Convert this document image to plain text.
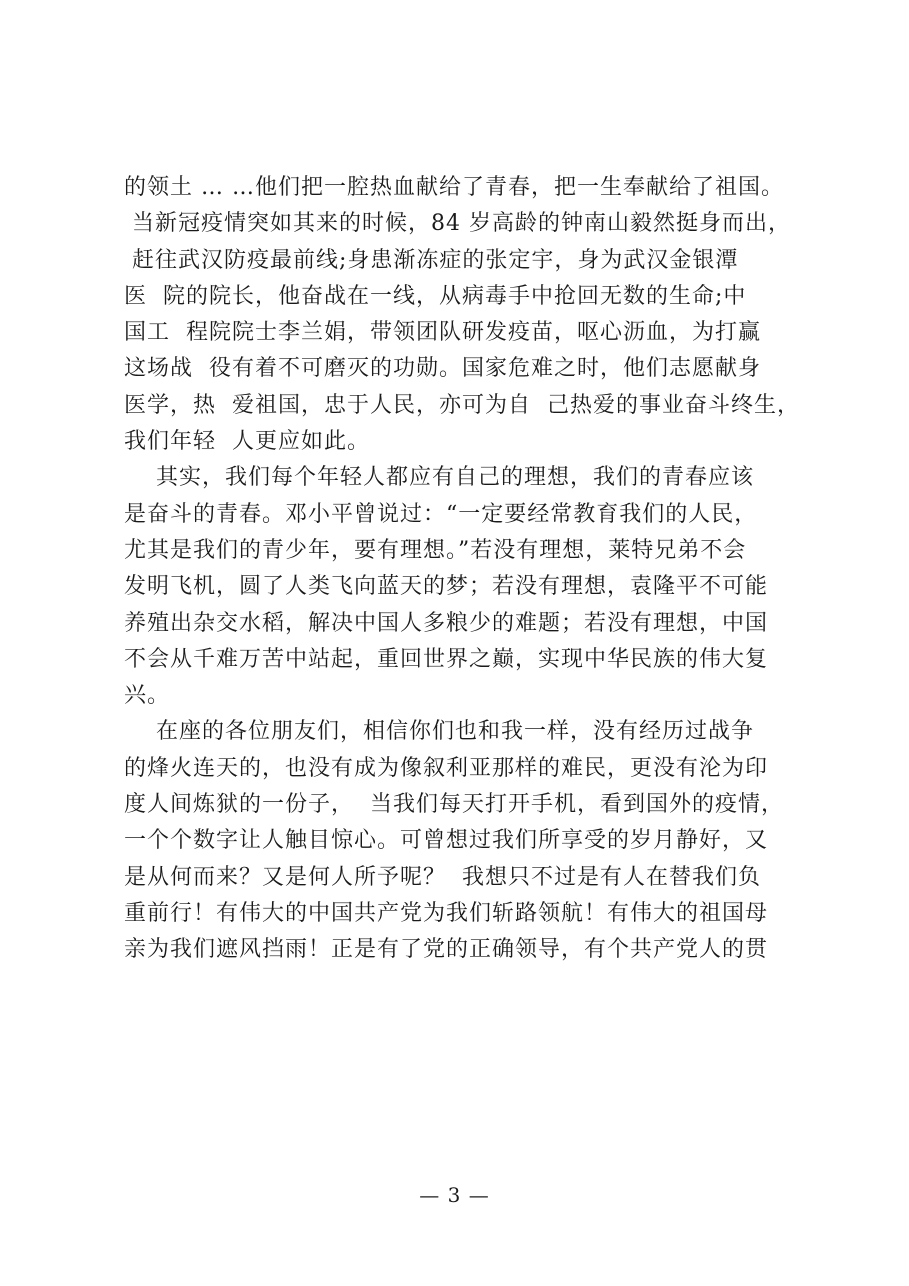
的领土 … …他们把一腔热血献给了青春，把一生奉献给了祖国。
当新冠疫情突如其来的时候，84 岁高龄的钟南山毅然挺身而出，
赶往武汉防疫最前线;身患渐冻症的张定宇，身为武汉金银潭
医  院的院长，他奋战在一线，从病毒手中抢回无数的生命;中
国工  程院院士李兰娟，带领团队研发疫苗，呕心沥血，为打赢
这场战  役有着不可磨灭的功勋。国家危难之时，他们志愿献身
医学，热  爱祖国，忠于人民，亦可为自  己热爱的事业奋斗终生，
我们年轻  人更应如此。
其实，我们每个年轻人都应有自己的理想，我们的青春应该
是奋斗的青春。邓小平曾说过：“一定要经常教育我们的人民，
尤其是我们的青少年，要有理想。”若没有理想，莱特兄弟不会
发明飞机，圆了人类飞向蓝天的梦；若没有理想，袁隆平不可能
养殖出杂交水稻，解决中国人多粮少的难题；若没有理想，中国
不会从千难万苦中站起，重回世界之巅，实现中华民族的伟大复
兴。
在座的各位朋友们，相信你们也和我一样，没有经历过战争
的烽火连天的，也没有成为像叙利亚那样的难民，更没有沦为印
度人间炼狱的一份子，  当我们每天打开手机，看到国外的疫情，
一个个数字让人触目惊心。可曾想过我们所享受的岁月静好，又
是从何而来？又是何人所予呢？  我想只不过是有人在替我们负
重前行！有伟大的中国共产党为我们斩路领航！有伟大的祖国母
亲为我们遮风挡雨！正是有了党的正确领导，有个共产党人的贯
— 3 —
